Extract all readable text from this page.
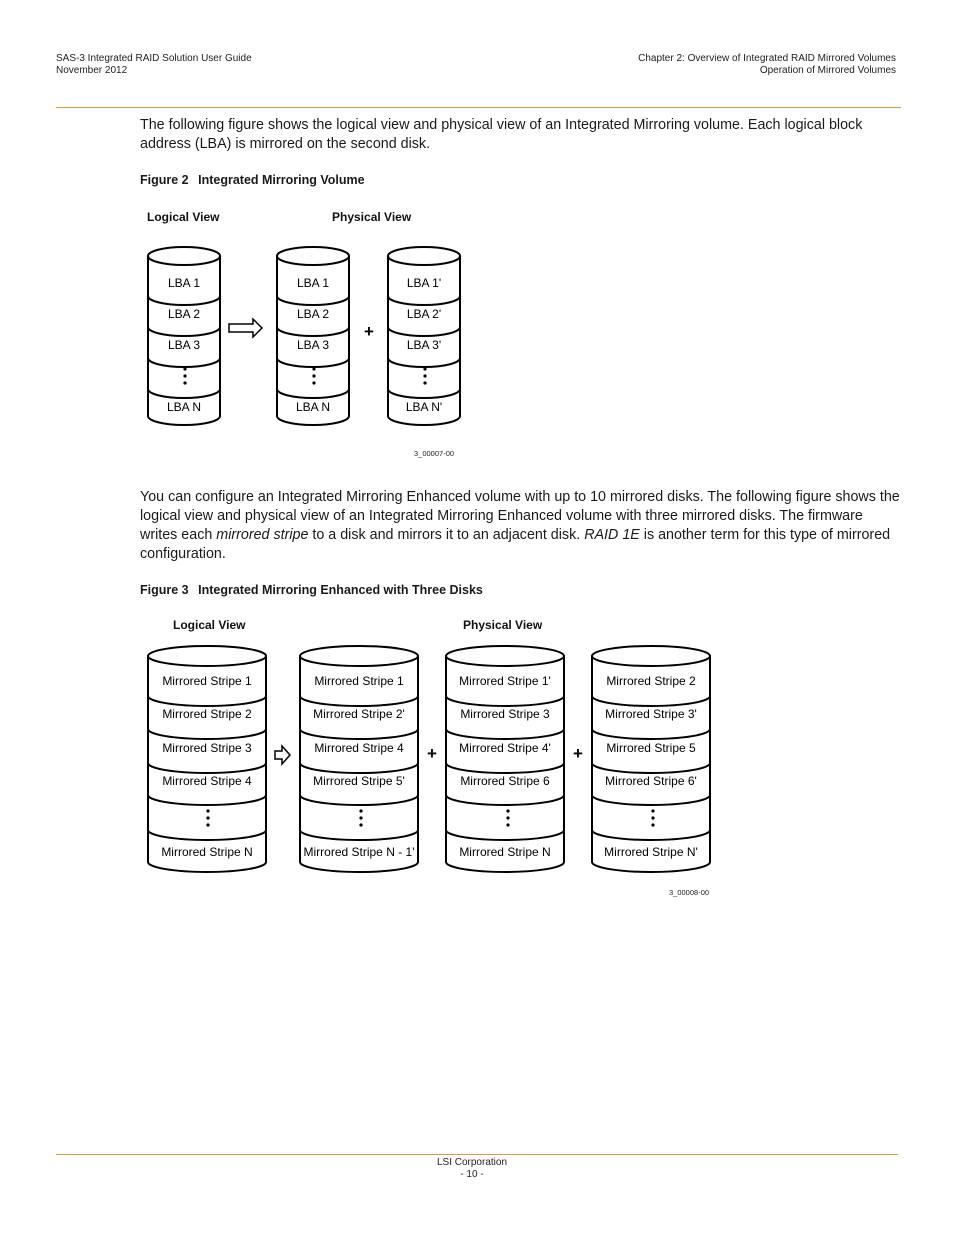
SAS-3 Integrated RAID Solution User Guide
November 2012
Chapter 2: Overview of Integrated RAID Mirrored Volumes
Operation of Mirrored Volumes
The following figure shows the logical view and physical view of an Integrated Mirroring volume. Each logical block address (LBA) is mirrored on the second disk.
Figure 2 Integrated Mirroring Volume
Logical View	Physical View
LBA 1
LBA 2
LBA 3
LBA N
LBA 1
LBA 2
LBA 3
LBA N
+
LBA 1'
LBA 2'
LBA 3'
LBA N'
3_00007-00
You can configure an Integrated Mirroring Enhanced volume with up to 10 mirrored disks. The following figure shows the logical view and physical view of an Integrated Mirroring Enhanced volume with three mirrored disks. The firmware writes each mirrored stripe to a disk and mirrors it to an adjacent disk. RAID 1E is another term for this type of mirrored configuration.
Figure 3 Integrated Mirroring Enhanced with Three Disks
Logical View	Physical View
Mirrored Stripe 1
Mirrored Stripe 2
Mirrored Stripe 3
Mirrored Stripe 4
Mirrored Stripe N
Mirrored Stripe 1
Mirrored Stripe 2'
Mirrored Stripe 4
Mirrored Stripe 5'
Mirrored Stripe N - 1'
+
Mirrored Stripe 1'
Mirrored Stripe 3
Mirrored Stripe 4'
Mirrored Stripe 6
Mirrored Stripe N
+
Mirrored Stripe 2
Mirrored Stripe 3'
Mirrored Stripe 5
Mirrored Stripe 6'
Mirrored Stripe N'
3_00008-00
LSI Corporation
- 10 -
